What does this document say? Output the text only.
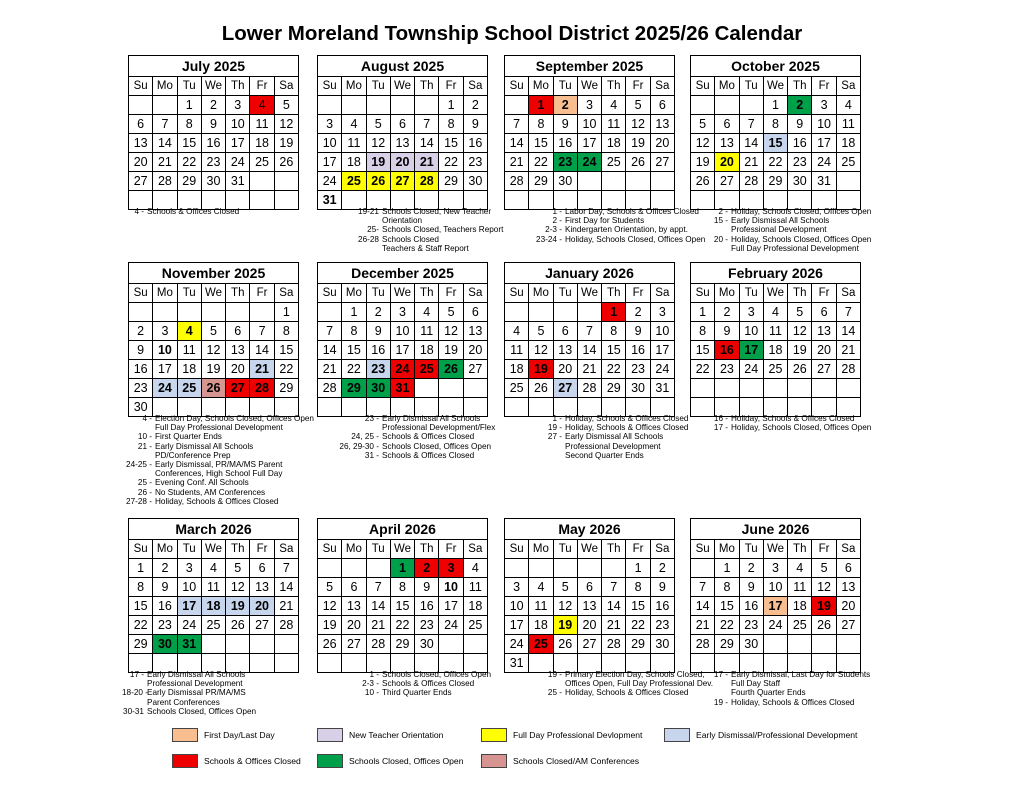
Lower Moreland Township School District 2025/26 Calendar
July 2025						
Su	Mo	Tu	We	Th	Fr	Sa
		1	2	3	4	5
6	7	8	9	10	11	12
13	14	15	16	17	18	19
20	21	22	23	24	25	26
27	28	29	30	31		

4 - Schools & Offices Closed
August 2025						
Su	Mo	Tu	We	Th	Fr	Sa
					1	2
3	4	5	6	7	8	9
10	11	12	13	14	15	16
17	18	19	20	21	22	23
24	25	26	27	28	29	30
31						
19-21 Schools Closed, New Teacher
Orientation
25- Schools Closed, Teachers Report
26-28 Schools Closed
Teachers & Staff Report
September 2025						
Su	Mo	Tu	We	Th	Fr	Sa
	1	2	3	4	5	6
7	8	9	10	11	12	13
14	15	16	17	18	19	20
21	22	23	24	25	26	27
28	29	30				

1 - Labor Day, Schools & Offices Closed
2 - First Day for Students
2-3 - Kindergarten Orientation, by appt.
23-24 - Holiday, Schools Closed, Offices Open
October 2025						
Su	Mo	Tu	We	Th	Fr	Sa
			1	2	3	4
5	6	7	8	9	10	11
12	13	14	15	16	17	18
19	20	21	22	23	24	25
26	27	28	29	30	31	

2 - Holiday, Schools Closed, Offices Open
15 - Early Dismissal All Schools
Professional Development
20 - Holiday, Schools Closed, Offices Open
Full Day Professional Development
November 2025						
Su	Mo	Tu	We	Th	Fr	Sa
						1
2	3	4	5	6	7	8
9	10	11	12	13	14	15
16	17	18	19	20	21	22
23	24	25	26	27	28	29
30						
4 - Election Day, Schools Closed, Offices Open
Full Day Professional Development
10 - First Quarter Ends
21 - Early Dismissal All Schools
PD/Conference Prep
24-25 - Early Dismissal, PR/MA/MS Parent
Conferences, High School Full Day
25 - Evening Conf. All Schools
26 - No Students, AM Conferences
27-28 - Holiday, Schools & Offices Closed
December 2025						
Su	Mo	Tu	We	Th	Fr	Sa
	1	2	3	4	5	6
7	8	9	10	11	12	13
14	15	16	17	18	19	20
21	22	23	24	25	26	27
28	29	30	31			

23 - Early Dismissal All Schools
Professional Development/Flex
24, 25 - Schools & Offices Closed
26, 29-30 - Schools Closed, Offices Open
31 - Schools & Offices Closed
January 2026						
Su	Mo	Tu	We	Th	Fr	Sa
				1	2	3
4	5	6	7	8	9	10
11	12	13	14	15	16	17
18	19	20	21	22	23	24
25	26	27	28	29	30	31

1 - Holiday, Schools & Offices Closed
19 - Holiday, Schools & Offices Closed
27 - Early Dismissal All Schools
Professional Development
Second Quarter Ends
February 2026						
Su	Mo	Tu	We	Th	Fr	Sa
1	2	3	4	5	6	7
8	9	10	11	12	13	14
15	16	17	18	19	20	21
22	23	24	25	26	27	28

16 - Holiday, Schools & Offices Closed
17 - Holiday, Schools Closed, Offices Open
March 2026						
Su	Mo	Tu	We	Th	Fr	Sa
1	2	3	4	5	6	7
8	9	10	11	12	13	14
15	16	17	18	19	20	21
22	23	24	25	26	27	28
29	30	31				

17 - Early Dismissal All Schools
Professional Development
18-20 - Early Dismissal PR/MA/MS
Parent Conferences
30-31 Schools Closed, Offices Open
April 2026						
Su	Mo	Tu	We	Th	Fr	Sa
			1	2	3	4
5	6	7	8	9	10	11
12	13	14	15	16	17	18
19	20	21	22	23	24	25
26	27	28	29	30		

1 - Schools Closed, Offices Open
2-3 - Schools & Offices Closed
10 - Third Quarter Ends
May 2026						
Su	Mo	Tu	We	Th	Fr	Sa
					1	2
3	4	5	6	7	8	9
10	11	12	13	14	15	16
17	18	19	20	21	22	23
24	25	26	27	28	29	30
31						
19 - Primary Election Day, Schools Closed,
Offices Open, Full Day Professional Dev.
25 - Holiday, Schools & Offices Closed
June 2026						
Su	Mo	Tu	We	Th	Fr	Sa
	1	2	3	4	5	6
7	8	9	10	11	12	13
14	15	16	17	18	19	20
21	22	23	24	25	26	27
28	29	30				

17 - Early Dismissal, Last Day for Students
Full Day Staff
Fourth Quarter Ends
19 - Holiday, Schools & Offices Closed
First Day/Last Day	New Teacher Orientation	Full Day Professional Devlopment	Early Dismissal/Professional Development
Schools & Offices Closed	Schools Closed, Offices Open	Schools Closed/AM Conferences
